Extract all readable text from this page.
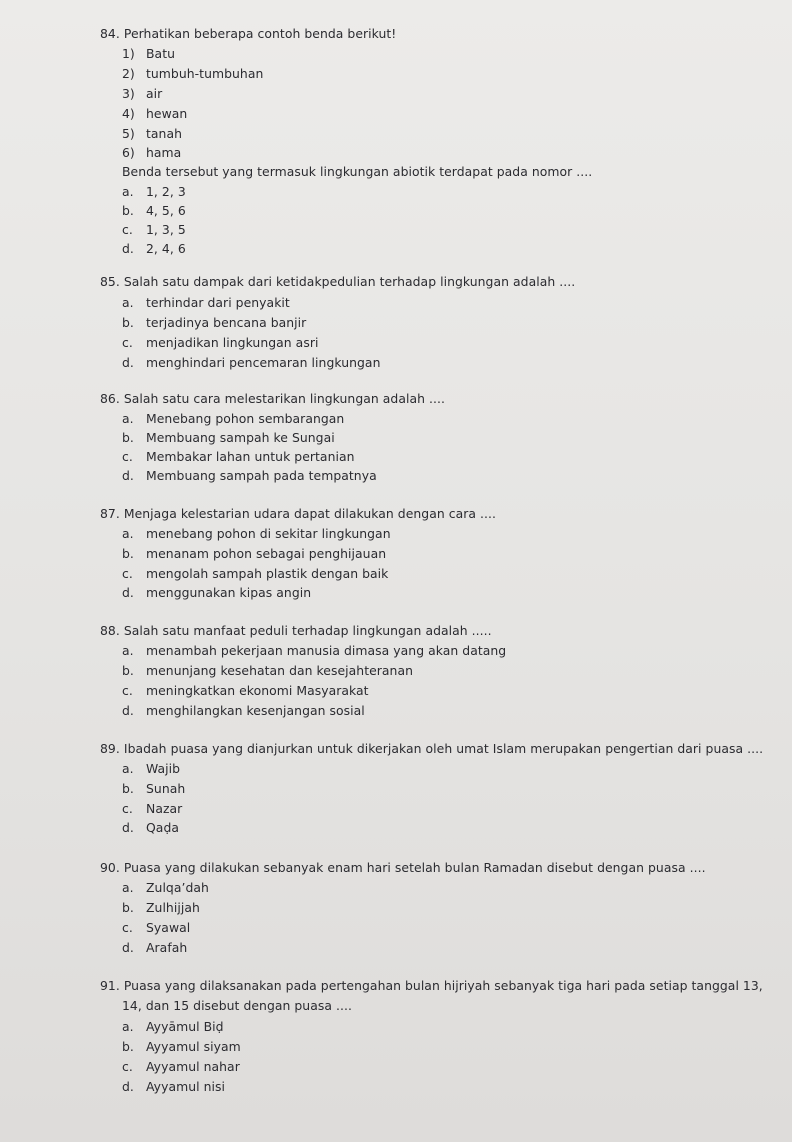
84. Perhatikan beberapa contoh benda berikut!
1) Batu
2) tumbuh-tumbuhan
3) air
4) hewan
5) tanah
6) hama
Benda tersebut yang termasuk lingkungan abiotik terdapat pada nomor ....
a. 1, 2, 3
b. 4, 5, 6
c.	1, 3, 5
d. 2, 4, 6
85. Salah satu dampak dari ketidakpedulian terhadap lingkungan adalah ....
a. terhindar dari penyakit
b. terjadinya bencana banjir
c.	menjadikan lingkungan asri
d. menghindari pencemaran lingkungan
86. Salah satu cara melestarikan lingkungan adalah ....
a. Menebang pohon sembarangan
b. Membuang sampah ke Sungai
c.	Membakar lahan untuk pertanian
d. Membuang sampah pada tempatnya
87. Menjaga kelestarian udara dapat dilakukan dengan cara ....
a. menebang pohon di sekitar lingkungan
b. menanam pohon sebagai penghijauan
c.	mengolah sampah plastik dengan baik
d. menggunakan kipas angin
88. Salah satu manfaat peduli terhadap lingkungan adalah .....
a. menambah pekerjaan manusia dimasa yang akan datang
b. menunjang kesehatan dan kesejahteranan
c.	meningkatkan ekonomi Masyarakat
d. menghilangkan kesenjangan sosial
89. Ibadah puasa yang dianjurkan untuk dikerjakan oleh umat Islam merupakan pengertian dari puasa ....
a. Wajib
b. Sunah
c.	Nazar
d. Qaḍa
90. Puasa yang dilakukan sebanyak enam hari setelah bulan Ramadan disebut dengan puasa ....
a. Zulqa’dah
b. Zulhijjah
c.	Syawal
d. Arafah
91. Puasa yang dilaksanakan pada pertengahan bulan hijriyah sebanyak tiga hari pada setiap tanggal 13,
14, dan 15 disebut dengan puasa ....
a. Ayyāmul Biḍ
b. Ayyamul siyam
c.	Ayyamul nahar
d. Ayyamul nisi
